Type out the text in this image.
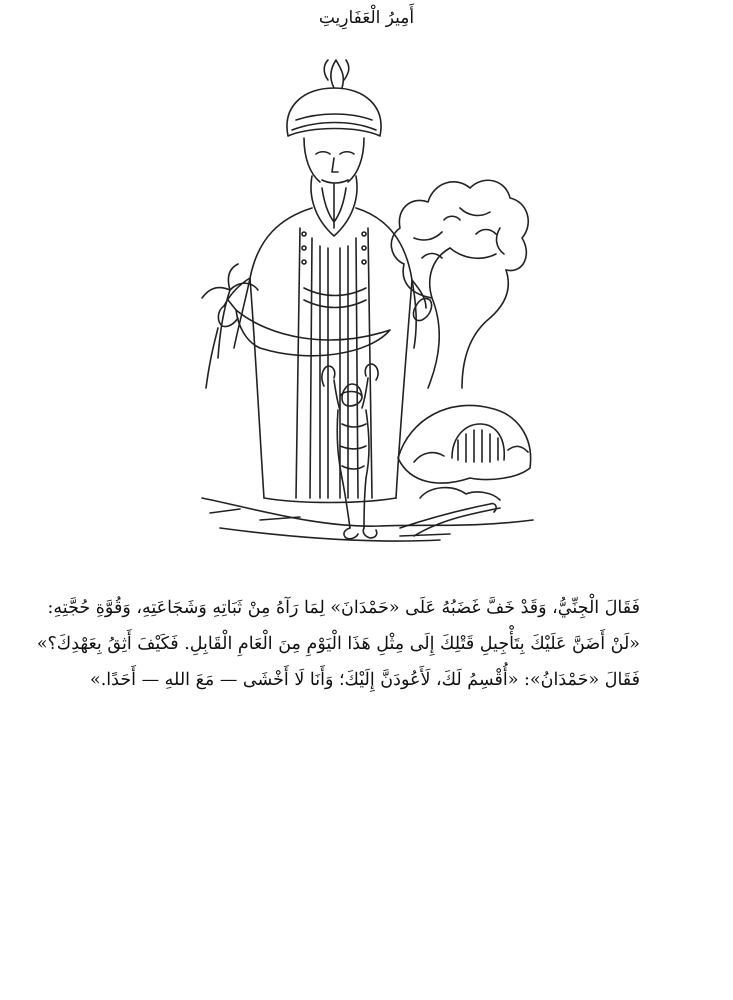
أَمِيرُ الْعَفَارِيتِ
فَقَالَ الْجِنِّيُّ، وَقَدْ خَفَّ غَضَبُهُ عَلَى «حَمْدَانَ» لِمَا رَآهُ مِنْ ثَبَاتِهِ وَشَجَاعَتِهِ، وَقُوَّةِ حُجَّتِهِ:
«لَنْ أَضَنَّ عَلَيْكَ بِتَأْجِيلِ قَتْلِكَ إِلَى مِثْلِ هَذَا الْيَوْمِ مِنَ الْعَامِ الْقَابِلِ. فَكَيْفَ أَثِقُ بِعَهْدِكَ؟»
فَقَالَ «حَمْدَانُ»: «أُقْسِمُ لَكَ، لَأَعُودَنَّ إِلَيْكَ؛ وَأَنَا لَا أَخْشَى — مَعَ اللهِ — أَحَدًا.»
